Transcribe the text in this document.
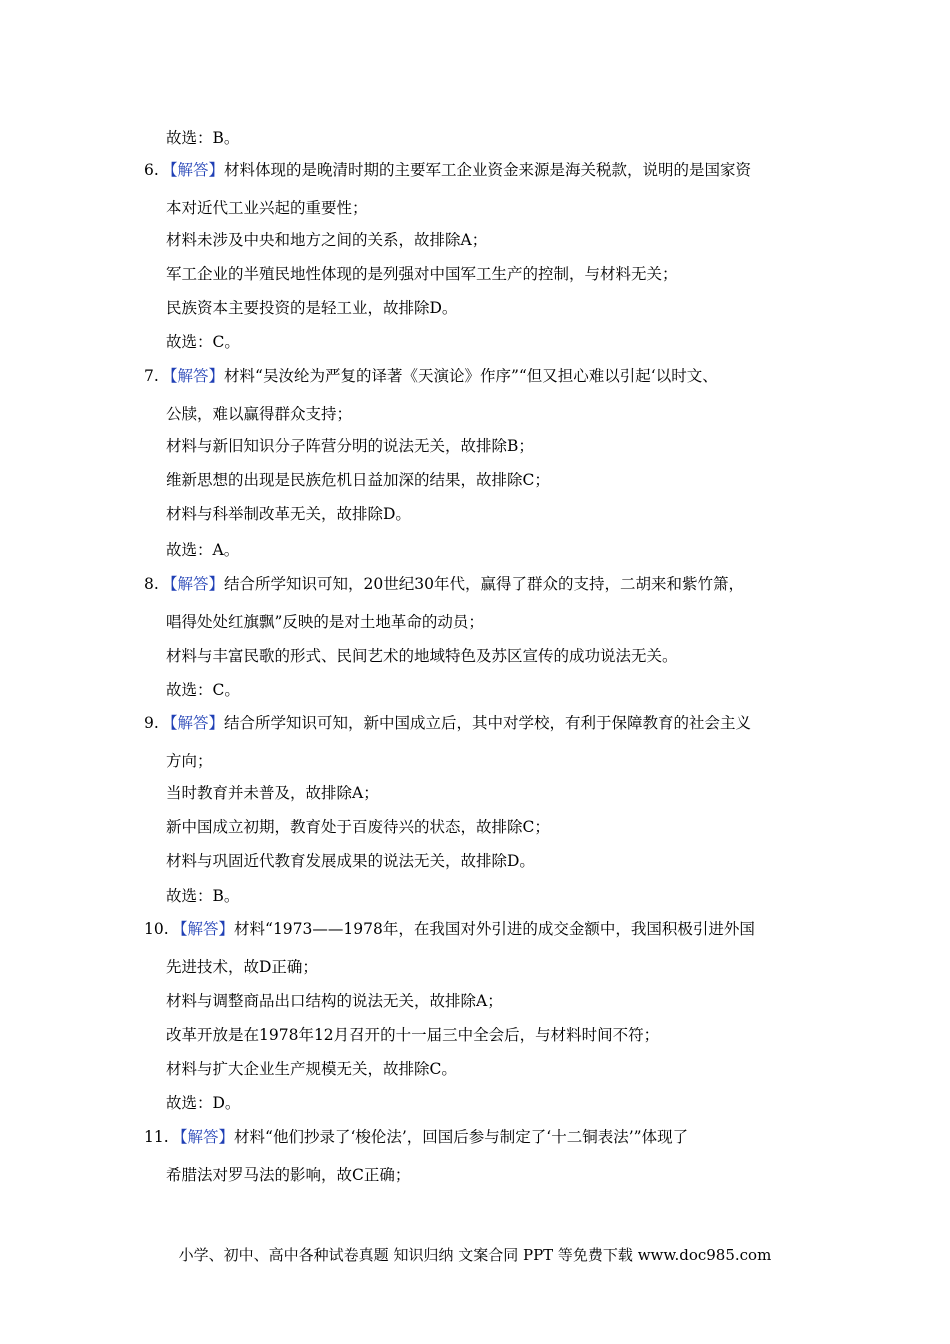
故选：B。
6. 【解答】材料体现的是晚清时期的主要军工企业资金来源是海关税款，说明的是国家资
本对近代工业兴起的重要性；
材料未涉及中央和地方之间的关系，故排除A；
军工企业的半殖民地性体现的是列强对中国军工生产的控制，与材料无关；
民族资本主要投资的是轻工业，故排除D。
故选：C。
7. 【解答】材料“吴汝纶为严复的译著《天演论》作序”“但又担心难以引起‘以时文、
公牍，难以赢得群众支持；
材料与新旧知识分子阵营分明的说法无关，故排除B；
维新思想的出现是民族危机日益加深的结果，故排除C；
材料与科举制改革无关，故排除D。
故选：A。
8. 【解答】结合所学知识可知，20世纪30年代，赢得了群众的支持，二胡来和紫竹箫，
唱得处处红旗飘”反映的是对土地革命的动员；
材料与丰富民歌的形式、民间艺术的地域特色及苏区宣传的成功说法无关。
故选：C。
9. 【解答】结合所学知识可知，新中国成立后，其中对学校，有利于保障教育的社会主义
方向；
当时教育并未普及，故排除A；
新中国成立初期，教育处于百废待兴的状态，故排除C；
材料与巩固近代教育发展成果的说法无关，故排除D。
故选：B。
10. 【解答】材料“1973——1978年，在我国对外引进的成交金额中，我国积极引进外国
先进技术，故D正确；
材料与调整商品出口结构的说法无关，故排除A；
改革开放是在1978年12月召开的十一届三中全会后，与材料时间不符；
材料与扩大企业生产规模无关，故排除C。
故选：D。
11. 【解答】材料“他们抄录了‘梭伦法’，回国后参与制定了‘十二铜表法’”体现了
希腊法对罗马法的影响，故C正确；
小学、初中、高中各种试卷真题 知识归纳 文案合同 PPT 等免费下载 www.doc985.com
